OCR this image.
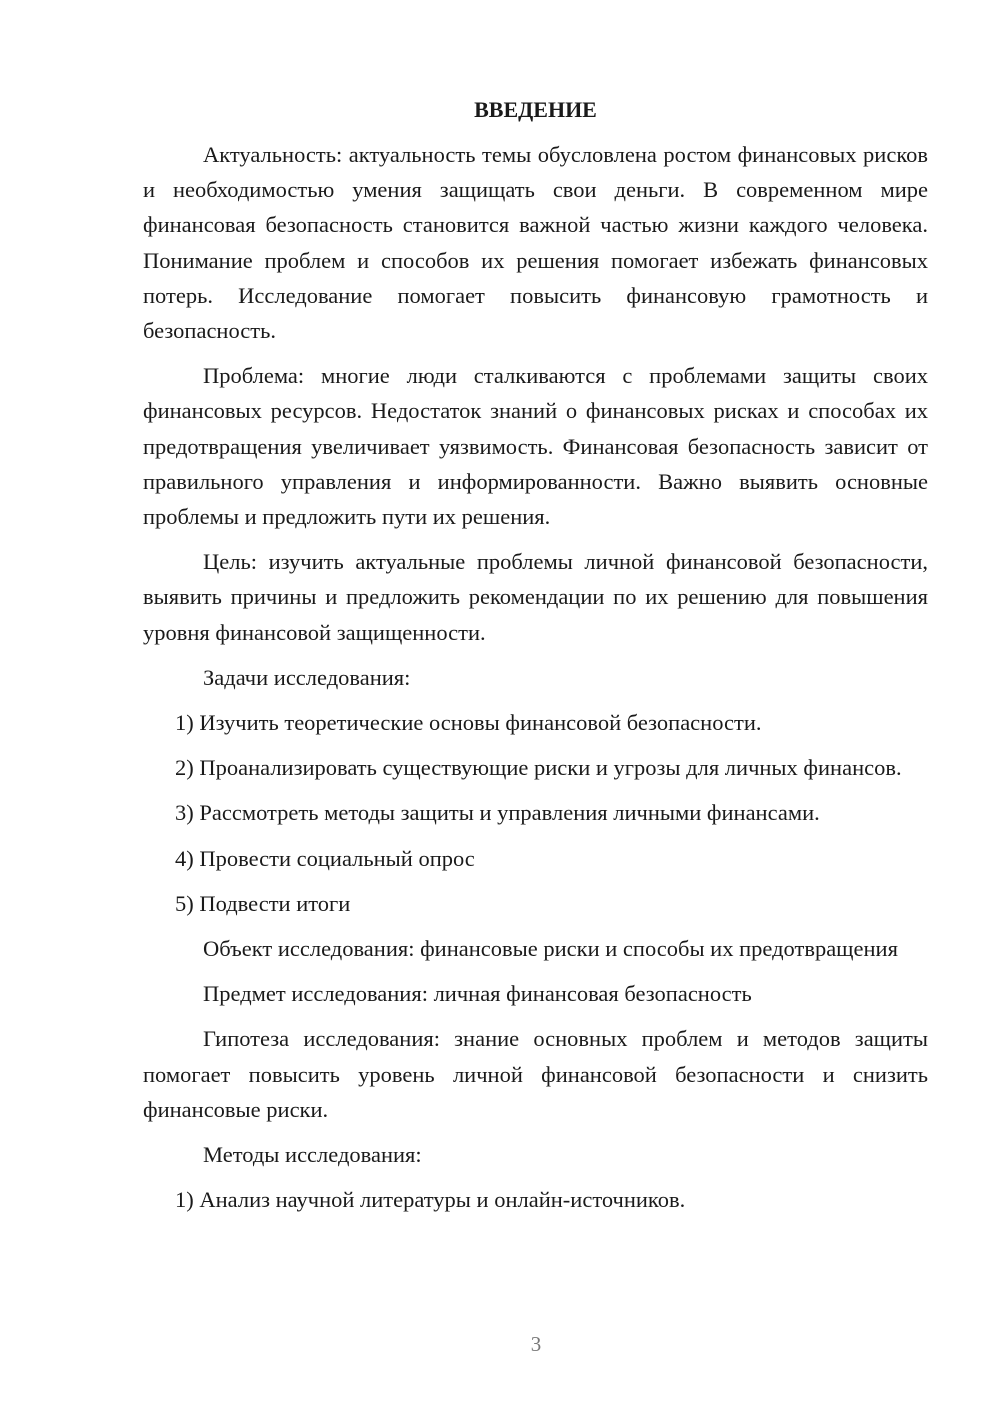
ВВЕДЕНИЕ

Актуальность: актуальность темы обусловлена ростом финансовых рисков и необходимостью умения защищать свои деньги. В современном мире финансовая безопасность становится важной частью жизни каждого человека. Понимание проблем и способов их решения помогает избежать финансовых потерь. Исследование помогает повысить финансовую грамотность и безопасность.

Проблема: многие люди сталкиваются с проблемами защиты своих финансовых ресурсов. Недостаток знаний о финансовых рисках и способах их предотвращения увеличивает уязвимость. Финансовая безопасность зависит от правильного управления и информированности. Важно выявить основные проблемы и предложить пути их решения.

Цель: изучить актуальные проблемы личной финансовой безопасности, выявить причины и предложить рекомендации по их решению для повышения уровня финансовой защищенности.

Задачи исследования:

1) Изучить теоретические основы финансовой безопасности.

2) Проанализировать существующие риски и угрозы для личных финансов.

3) Рассмотреть методы защиты и управления личными финансами.

4) Провести социальный опрос

5) Подвести итоги

Объект исследования: финансовые риски и способы их предотвращения

Предмет исследования: личная финансовая безопасность

Гипотеза исследования: знание основных проблем и методов защиты помогает повысить уровень личной финансовой безопасности и снизить финансовые риски.

Методы исследования:

1) Анализ научной литературы и онлайн-источников.

3
